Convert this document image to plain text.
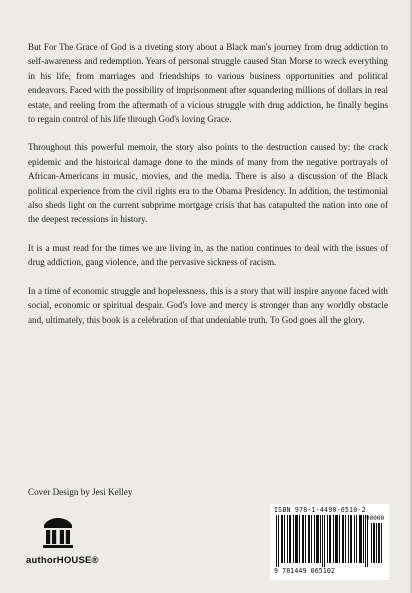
But For The Grace of God is a riveting story about a Black man's journey from drug addiction to self-awareness and redemption. Years of personal struggle caused Stan Morse to wreck everything in his life, from marriages and friendships to various business opportunities and political endeavors. Faced with the possibility of imprisonment after squandering millions of dollars in real estate, and reeling from the aftermath of a vicious struggle with drug addiction, he finally begins to regain control of his life through God's loving Grace.

Throughout this powerful memoir, the story also points to the destruction caused by: the crack epidemic and the historical damage done to the minds of many from the negative portrayals of African-Americans in music, movies, and the media. There is also a discussion of the Black political experience from the civil rights era to the Obama Presidency. In addition, the testimonial also sheds light on the current subprime mortgage crisis that has catapulted the nation into one of the deepest recessions in history.

It is a must read for the times we are living in, as the nation continues to deal with the issues of drug addiction, gang violence, and the pervasive sickness of racism.

In a time of economic struggle and hopelessness, this is a story that will inspire anyone faced with social, economic or spiritual despair. God's love and mercy is stronger than any worldly obstacle and, ultimately, this book is a celebration of that undeniable truth. To God goes all the glory.

Cover Design by Jesi Kelley
authorHOUSE®
ISBN 978-1-4490-6510-2
9 781449 065102
90000
